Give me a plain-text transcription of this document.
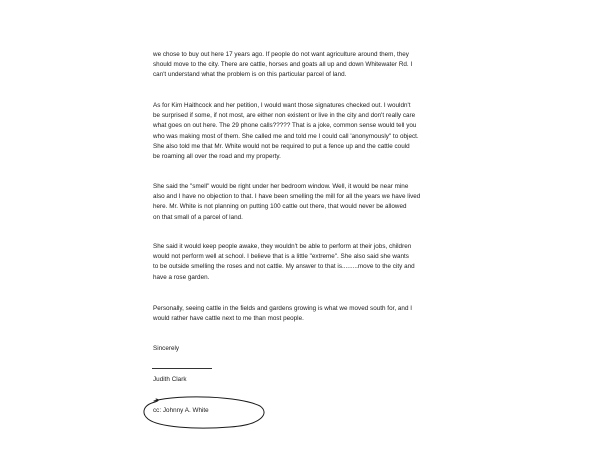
we chose to buy out here 17 years ago. If people do not want agriculture around them, they
should move to the city. There are cattle, horses and goats all up and down Whitewater Rd. I
can't understand what the problem is on this particular parcel of land.
As for Kim Haithcock and her petition, I would want those signatures checked out. I wouldn't
be surprised if some, if not most, are either non existent or live in the city and don't really care
what goes on out here. The 29 phone calls????? That is a joke, common sense would tell you
who was making most of them. She called me and told me I could call 'anonymously" to object.
She also told me that Mr. White would not be required to put a fence up and the cattle could
be roaming all over the road and my property.
She said the "smell" would be right under her bedroom window. Well, it would be near mine
also and I have no objection to that. I have been smelling the mill for all the years we have lived
here. Mr. White is not planning on putting 100 cattle out there, that would never be allowed
on that small of a parcel of land.
She said it would keep people awake, they wouldn't be able to perform at their jobs, children
would not perform well at school. I believe that is a little "extreme". She also said she wants
to be outside smelling the roses and not cattle. My answer to that is.........move to the city and
have a rose garden.
Personally, seeing cattle in the fields and gardens growing is what we moved south for, and I
would rather have cattle next to me than most people.
Sincerely
Judith Clark
cc: Johnny A. White
